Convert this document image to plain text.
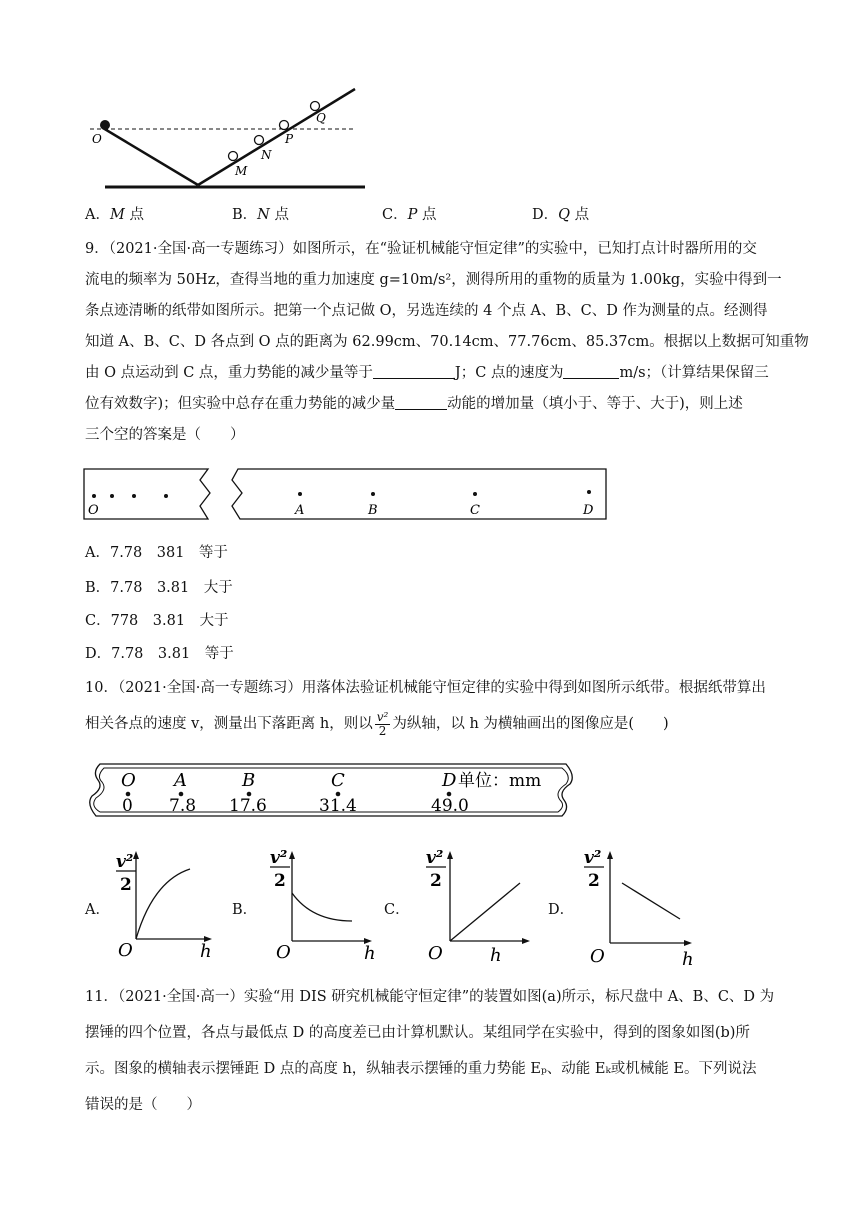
O
M
N
P
Q
A．M 点	B．N 点	C．P 点	D．Q 点
9．（2021·全国·高一专题练习）如图所示，在“验证机械能守恒定律”的实验中，已知打点计时器所用的交
流电的频率为 50Hz，查得当地的重力加速度 g=10m/s²，测得所用的重物的质量为 1.00kg，实验中得到一
条点迹清晰的纸带如图所示。把第一个点记做 O，另选连续的 4 个点 A、B、C、D 作为测量的点。经测得
知道 A、B、C、D 各点到 O 点的距离为 62.99cm、70.14cm、77.76cm、85.37cm。根据以上数据可知重物
由 O 点运动到 C 点，重力势能的减少量等于	J；C 点的速度为	m/s；（计算结果保留三
位有效数字)；但实验中总存在重力势能的减少量	动能的增加量（填小于、等于、大于)，则上述
三个空的答案是（　　）
O	A	B	C	D
A．7.78　381　等于
B．7.78　3.81　大于
C．778　3.81　大于
D．7.78　3.81　等于
10．（2021·全国·高一专题练习）用落体法验证机械能守恒定律的实验中得到如图所示纸带。根据纸带算出
相关各点的速度 v，测量出下落距离 h，则以 $\frac{\text{v²}}{2}$ 为纵轴，以 h 为横轴画出的图像应是(　　)
O A	B	C	D 单位：mm
0 7.8 17.6	31.4	49.0
A．
v²
2
O	h
B．
v²
2
O	h
C．
v²
2
O	h
D．
v²
2
O	h
11．（2021·全国·高一）实验“用 DIS 研究机械能守恒定律”的装置如图(a)所示，标尺盘中 A、B、C、D 为
摆锤的四个位置，各点与最低点 D 的高度差已由计算机默认。某组同学在实验中，得到的图象如图(b)所
示。图象的横轴表示摆锤距 D 点的高度 h，纵轴表示摆锤的重力势能 Eₚ、动能 Eₖ或机械能 E。下列说法
错误的是（　　）
